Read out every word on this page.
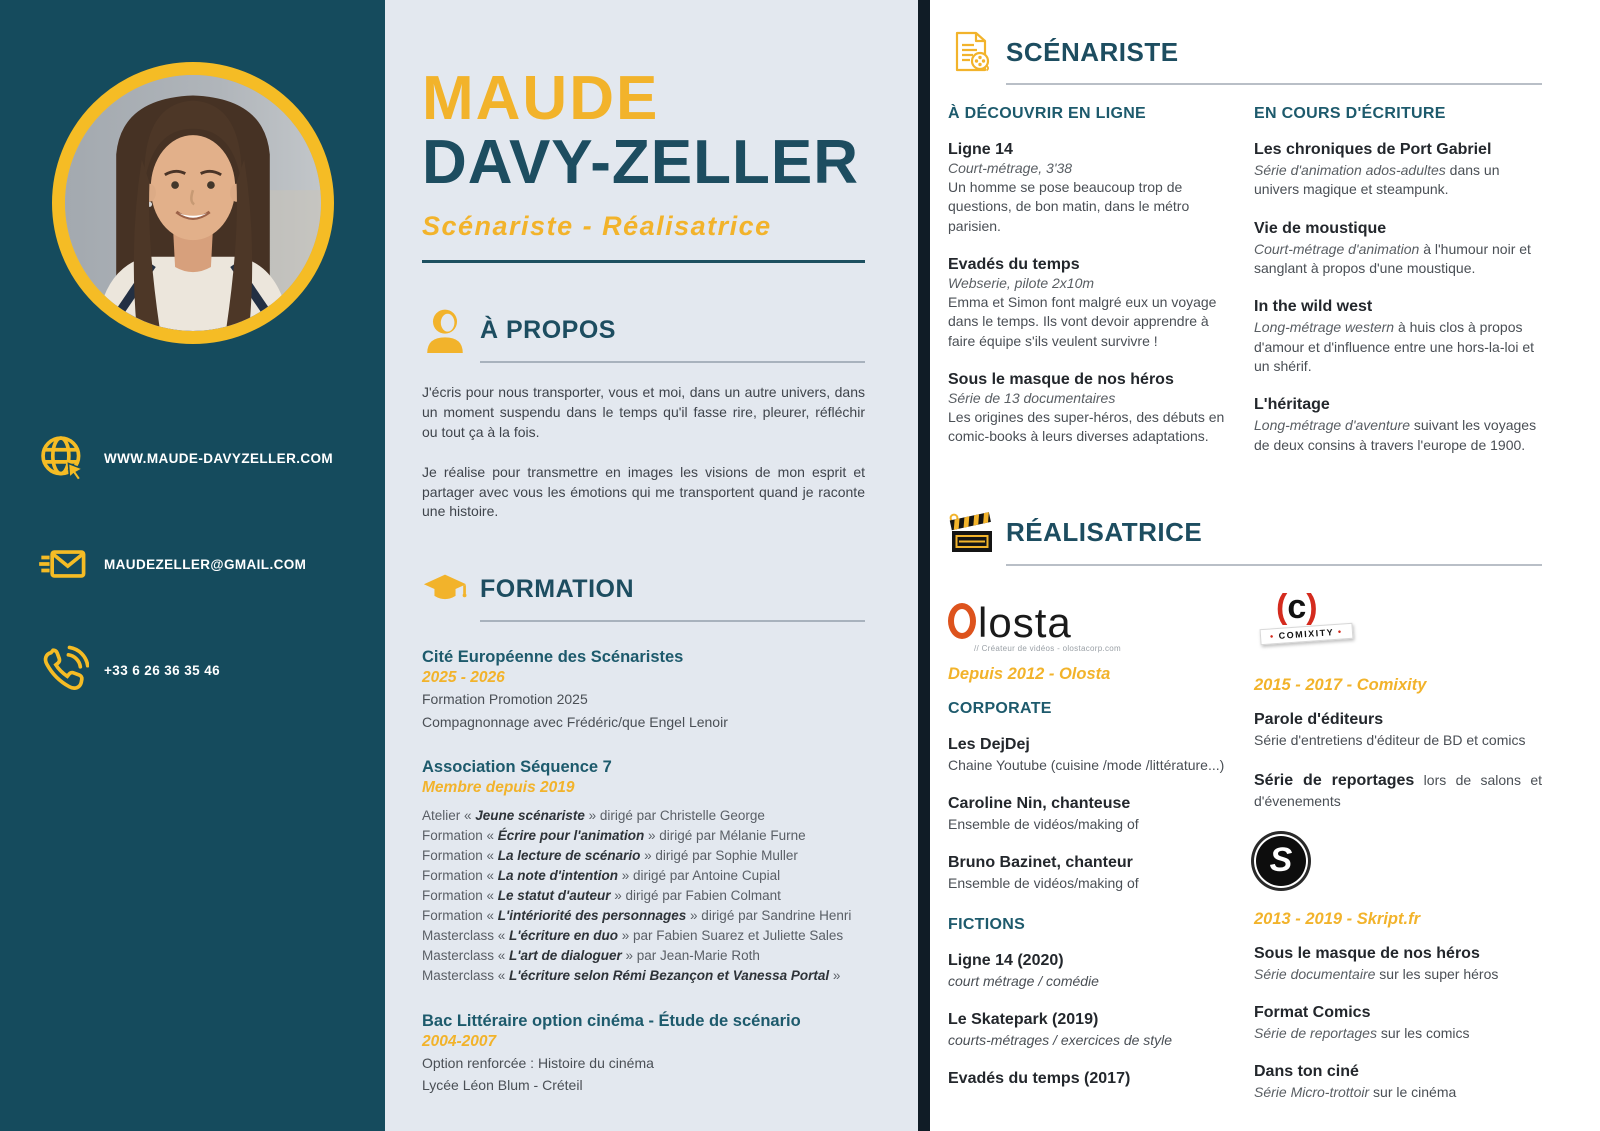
WWW.MAUDE-DAVYZELLER.COM
MAUDEZELLER@GMAIL.COM
+33 6 26 36 35 46
MAUDE
DAVY-ZELLER
Scénariste - Réalisatrice
À PROPOS

J'écris pour nous transporter, vous et moi, dans un autre univers, dans un moment suspendu dans le temps qu'il fasse rire, pleurer, réfléchir ou tout ça à la fois.

Je réalise pour transmettre en images les visions de mon esprit et partager avec vous les émotions qui me transportent quand je raconte une histoire.

FORMATION
Cité Européenne des Scénaristes
2025 - 2026
Formation Promotion 2025
Compagnonnage avec Frédéric/que Engel Lenoir
Association Séquence 7
Membre depuis 2019

Atelier « Jeune scénariste » dirigé par Christelle George

Formation « Écrire pour l'animation » dirigé par Mélanie Furne

Formation « La lecture de scénario » dirigé par Sophie Muller

Formation « La note d'intention » dirigé par Antoine Cupial

Formation « Le statut d'auteur » dirigé par Fabien Colmant

Formation « L'intériorité des personnages » dirigé par Sandrine Henri

Masterclass « L'écriture en duo » par Fabien Suarez et Juliette Sales

Masterclass « L'art de dialoguer » par Jean-Marie Roth

Masterclass « L'écriture selon Rémi Bezançon et Vanessa Portal »

Bac Littéraire option cinéma - Étude de scénario
2004-2007
Option renforcée : Histoire du cinéma
Lycée Léon Blum - Créteil
SCÉNARISTE
À DÉCOUVRIR EN LIGNE
Ligne 14
Court-métrage, 3'38

Un homme se pose beaucoup trop de questions, de bon matin, dans le métro parisien.

Evadés du temps
Webserie, pilote 2x10m

Emma et Simon font malgré eux un voyage dans le temps. Ils vont devoir apprendre à faire équipe s'ils veulent survivre !

Sous le masque de nos héros
Série de 13 documentaires

Les origines des super-héros, des débuts en comic-books à leurs diverses adaptations.

EN COURS D'ÉCRITURE
Les chroniques de Port Gabriel

Série d'animation ados-adultes dans un univers magique et steampunk.

Vie de moustique

Court-métrage d'animation à l'humour noir et sanglant à propos d'une moustique.

In the wild west

Long-métrage western à huis clos à propos d'amour et d'influence entre une hors-la-loi et un shérif.

L'héritage

Long-métrage d'aventure suivant les voyages de deux consins à travers l'europe de 1900.

RÉALISATRICE
losta
// Créateur de vidéos - olostacorp.com
Depuis 2012 - Olosta
CORPORATE
Les DejDej

Chaine Youtube (cuisine /mode /littérature...)

Caroline Nin, chanteuse

Ensemble de vidéos/making of

Bruno Bazinet, chanteur

Ensemble de vidéos/making of

FICTIONS
Ligne 14 (2020)

court métrage / comédie

Le Skatepark (2019)

courts-métrages / exercices de style

Evadés du temps (2017)
(c)
• COMIXITY •
2015 - 2017 - Comixity
Parole d'éditeurs

Série d'entretiens d'éditeur de BD et comics

Série de reportages lors de salons et d'évenements

S
2013 - 2019 - Skript.fr
Sous le masque de nos héros

Série documentaire sur les super héros

Format Comics

Série de reportages sur les comics

Dans ton ciné

Série Micro-trottoir sur le cinéma
